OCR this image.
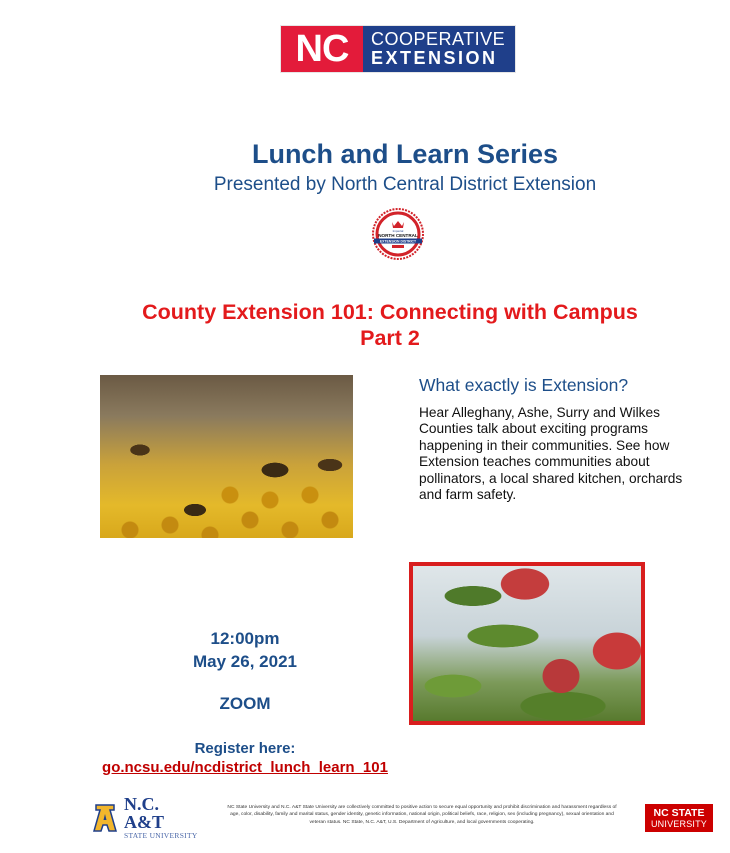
NC	COOPERATIVE
EXTENSION
Lunch and Learn Series
Presented by North Central District Extension
Imperial
NORTH CENTRAL
EXTENSION DISTRICT
County Extension 101: Connecting with Campus
Part 2
What exactly is Extension?
Hear Alleghany, Ashe, Surry and Wilkes Counties talk about exciting programs happening in their communities. See how Extension teaches communities about pollinators, a local shared kitchen, orchards and farm safety.
12:00pm
May 26, 2021
ZOOM
Register here:
go.ncsu.edu/ncdistrict_lunch_learn_101
N.C. A&T
STATE UNIVERSITY
NC State University and N.C. A&T State University are collectively committed to positive action to secure equal opportunity and prohibit discrimination and harassment regardless of age, color, disability, family and marital status, gender identity, genetic information, national origin, political beliefs, race, religion, sex (including pregnancy), sexual orientation and veteran status. NC State, N.C. A&T, U.S. Department of Agriculture, and local governments cooperating.
NC STATE
UNIVERSITY
